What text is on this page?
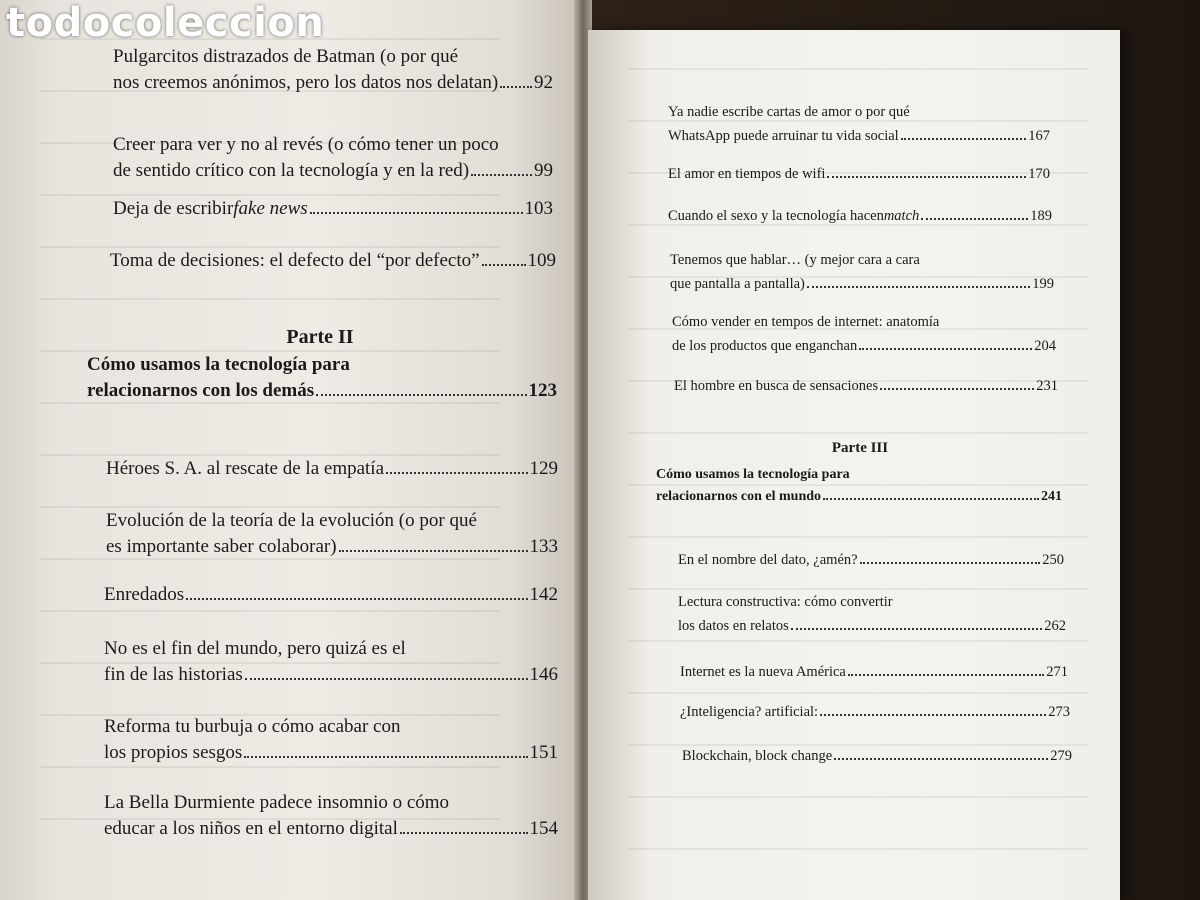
todocoleccion
Pulgarcitos distrazados de Batman (o por qué
nos creemos anónimos, pero los datos nos delatan) 92
Creer para ver y no al revés (o cómo tener un poco
de sentido crítico con la tecnología y en la red)	99
Deja de escribir fake news	103
Toma de decisiones: el defecto del “por defecto”	109
Parte II
Cómo usamos la tecnología para
relacionarnos con los demás	123
Héroes S. A. al rescate de la empatía	129
Evolución de la teoría de la evolución (o por qué
es importante saber colaborar)	133
Enredados	142
No es el fin del mundo, pero quizá es el
fin de las historias	146
Reforma tu burbuja o cómo acabar con
los propios sesgos	151
La Bella Durmiente padece insomnio o cómo
educar a los niños en el entorno digital	154
Ya nadie escribe cartas de amor o por qué
WhatsApp puede arruinar tu vida social	167
El amor en tiempos de wifi	170
Cuando el sexo y la tecnología hacen match	189
Tenemos que hablar… (y mejor cara a cara
que pantalla a pantalla)	199
Cómo vender en tempos de internet: anatomía
de los productos que enganchan	204
El hombre en busca de sensaciones	231
Parte III
Cómo usamos la tecnología para
relacionarnos con el mundo	241
En el nombre del dato, ¿amén?	250
Lectura constructiva: cómo convertir
los datos en relatos	262
Internet es la nueva América	271
¿Inteligencia? artificial:	273
Blockchain, block change	279
